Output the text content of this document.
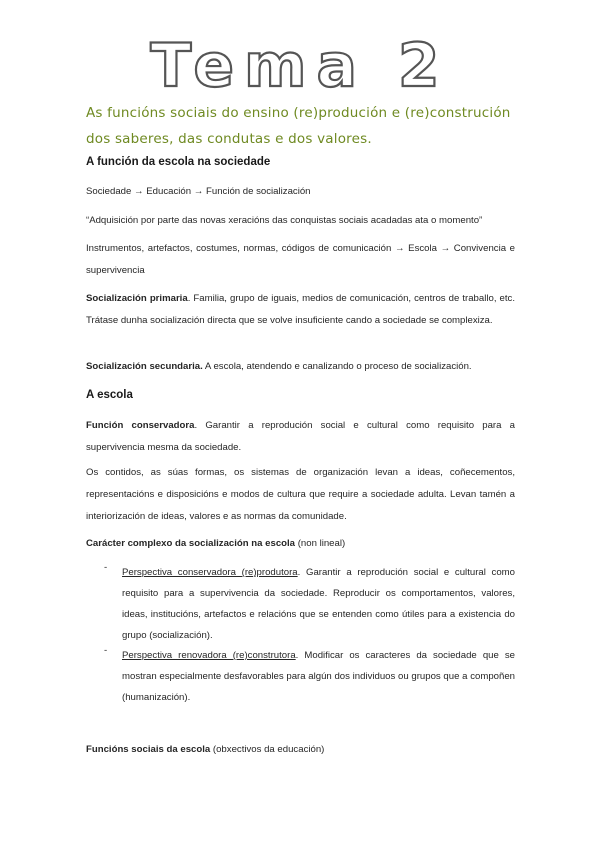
Tema 2
As funcións sociais do ensino (re)produción e (re)construción dos saberes, das condutas e dos valores.
A función da escola na sociedade
Sociedade → Educación → Función de socialización
“Adquisición por parte das novas xeracións das conquistas sociais acadadas ata o momento”
Instrumentos, artefactos, costumes, normas, códigos de comunicación → Escola → Convivencia e supervivencia
Socialización primaria. Familia, grupo de iguais, medios de comunicación, centros de traballo, etc. Trátase dunha socialización directa que se volve insuficiente cando a sociedade se complexiza.
Socialización secundaria. A escola, atendendo e canalizando o proceso de socialización.
A escola
Función conservadora. Garantir a reprodución social e cultural como requisito para a supervivencia mesma da sociedade.
Os contidos, as súas formas, os sistemas de organización levan a ideas, coñecementos, representacións e disposicións e modos de cultura que require a sociedade adulta. Levan tamén a interiorización de ideas, valores e as normas da comunidade.
Carácter complexo da socialización na escola (non lineal)
- Perspectiva conservadora (re)produtora. Garantir a reprodución social e cultural como requisito para a supervivencia da sociedade. Reproducir os comportamentos, valores, ideas, institucións, artefactos e relacións que se entenden como útiles para a existencia do grupo (socialización).
- Perspectiva renovadora (re)construtora. Modificar os caracteres da sociedade que se mostran especialmente desfavorables para algún dos individuos ou grupos que a compoñen (humanización).
Funcións sociais da escola (obxectivos da educación)
